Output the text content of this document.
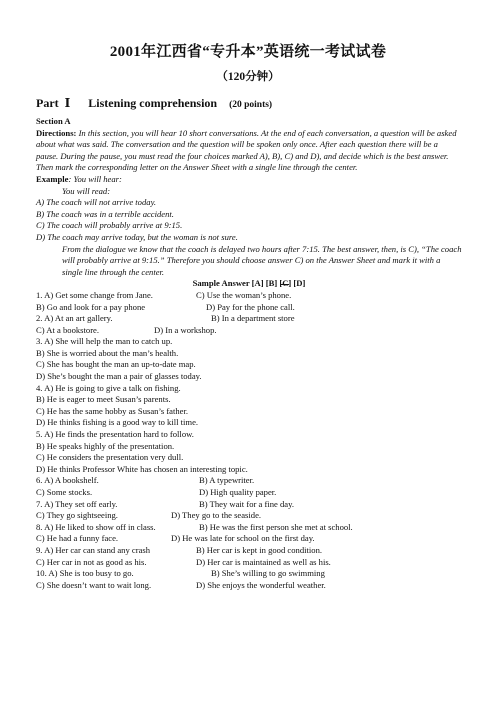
2001年江西省“专升本”英语统一考试试卷
（120分钟）
Part Ⅰ Listening comprehension (20 points)

Section A

Directions: In this section, you will hear 10 short conversations. At the end of each conversation, a question will be asked about what was said. The conversation and the question will be spoken only once. After each question there will be a pause. During the pause, you must read the four choices marked A), B), C) and D), and decide which is the best answer. Then mark the corresponding letter on the Answer Sheet with a single line through the center.

Example: You will hear:

You will read:

A) The coach will not arrive today.

B) The coach was in a terrible accident.

C) The coach will probably arrive at 9:15.

D) The coach may arrive today, but the woman is not sure.

From the dialogue we know that the coach is delayed two hours after 7:15. The best answer, then, is C), “The coach will probably arrive at 9:15.” Therefore you should choose answer C) on the Answer Sheet and mark it with a single line through the center.

Sample Answer [A] [B] [C] [D]

1. A) Get some change from Jane.	C) Use the woman’s phone.
B) Go and look for a pay phone	D) Pay for the phone call.
2. A) At an art gallery.	B) In a department store
C) At a bookstore.	D) In a workshop.

3. A) She will help the man to catch up.

B) She is worried about the man’s health.

C) She has bought the man an up-to-date map.

D) She’s bought the man a pair of glasses today.

4. A) He is going to give a talk on fishing.

B) He is eager to meet Susan’s parents.

C) He has the same hobby as Susan’s father.

D) He thinks fishing is a good way to kill time.

5. A) He finds the presentation hard to follow.

B) He speaks highly of the presentation.

C) He considers the presentation very dull.

D) He thinks Professor White has chosen an interesting topic.

6. A) A bookshelf.	B) A typewriter.
C) Some stocks.	D) High quality paper.
7. A) They set off early.	B) They wait for a fine day.
C) They go sightseeing.	D) They go to the seaside.
8. A) He liked to show off in class.	B) He was the first person she met at school.
C) He had a funny face.	D) He was late for school on the first day.
9. A) Her car can stand any crash	B) Her car is kept in good condition.
C) Her car in not as good as his.	D) Her car is maintained as well as his.
10. A) She is too busy to go.	B) She’s willing to go swimming
C) She doesn’t want to wait long.	D) She enjoys the wonderful weather.
